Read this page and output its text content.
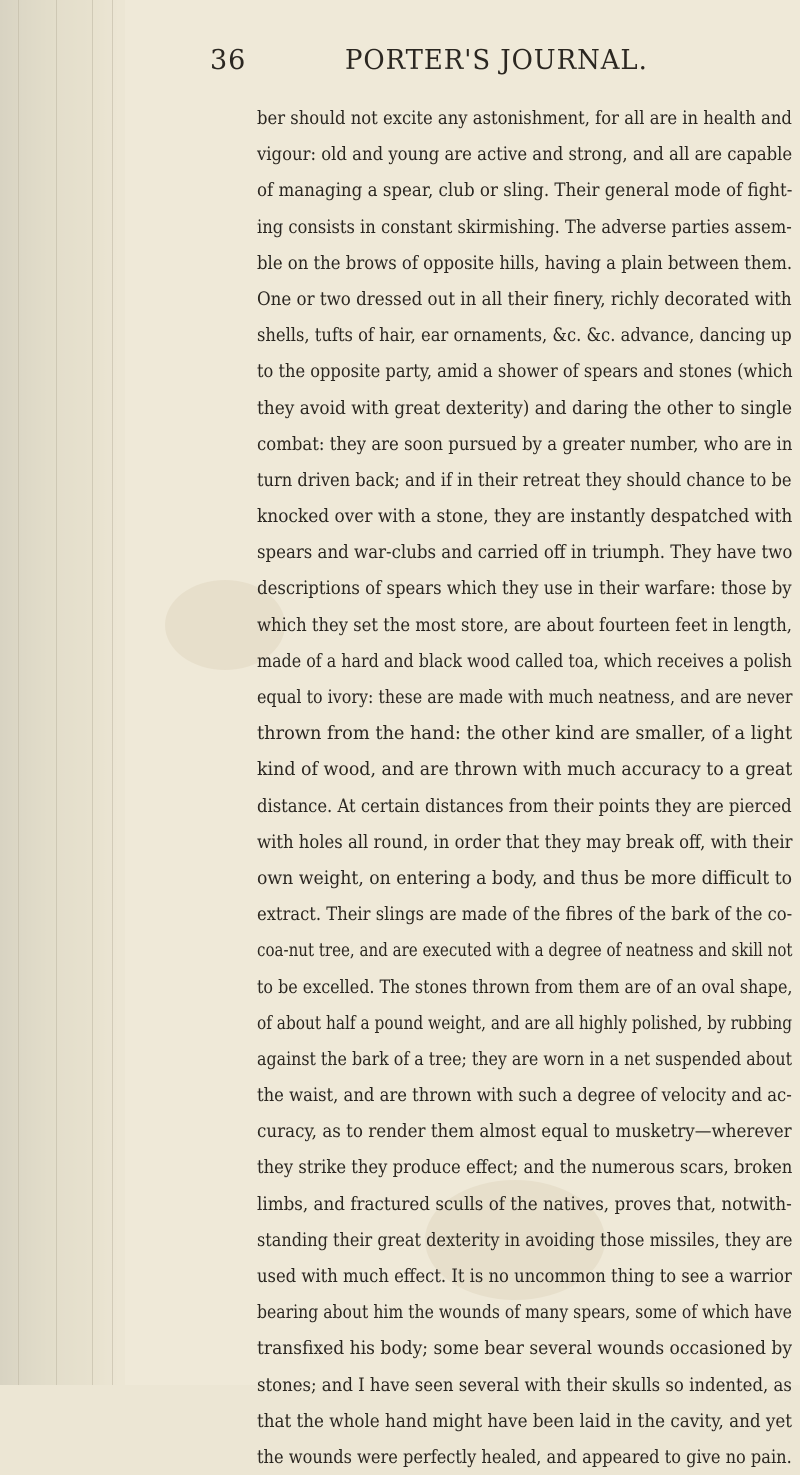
36	PORTER'S JOURNAL.
ber should not excite any astonishment, for all are in health and
vigour: old and young are active and strong, and all are capable
of managing a spear, club or sling. Their general mode of fight-
ing consists in constant skirmishing. The adverse parties assem-
ble on the brows of opposite hills, having a plain between them.
One or two dressed out in all their finery, richly decorated with
shells, tufts of hair, ear ornaments, &c. &c. advance, dancing up
to the opposite party, amid a shower of spears and stones (which
they avoid with great dexterity) and daring the other to single
combat: they are soon pursued by a greater number, who are in
turn driven back; and if in their retreat they should chance to be
knocked over with a stone, they are instantly despatched with
spears and war-clubs and carried off in triumph. They have two
descriptions of spears which they use in their warfare: those by
which they set the most store, are about fourteen feet in length,
made of a hard and black wood called toa, which receives a polish
equal to ivory: these are made with much neatness, and are never
thrown from the hand: the other kind are smaller, of a light
kind of wood, and are thrown with much accuracy to a great
distance. At certain distances from their points they are pierced
with holes all round, in order that they may break off, with their
own weight, on entering a body, and thus be more difficult to
extract. Their slings are made of the fibres of the bark of the co-
coa-nut tree, and are executed with a degree of neatness and skill not
to be excelled. The stones thrown from them are of an oval shape,
of about half a pound weight, and are all highly polished, by rubbing
against the bark of a tree; they are worn in a net suspended about
the waist, and are thrown with such a degree of velocity and ac-
curacy, as to render them almost equal to musketry—wherever
they strike they produce effect; and the numerous scars, broken
limbs, and fractured sculls of the natives, proves that, notwith-
standing their great dexterity in avoiding those missiles, they are
used with much effect. It is no uncommon thing to see a warrior
bearing about him the wounds of many spears, some of which have
transfixed his body; some bear several wounds occasioned by
stones; and I have seen several with their skulls so indented, as
that the whole hand might have been laid in the cavity, and yet
the wounds were perfectly healed, and appeared to give no pain.
